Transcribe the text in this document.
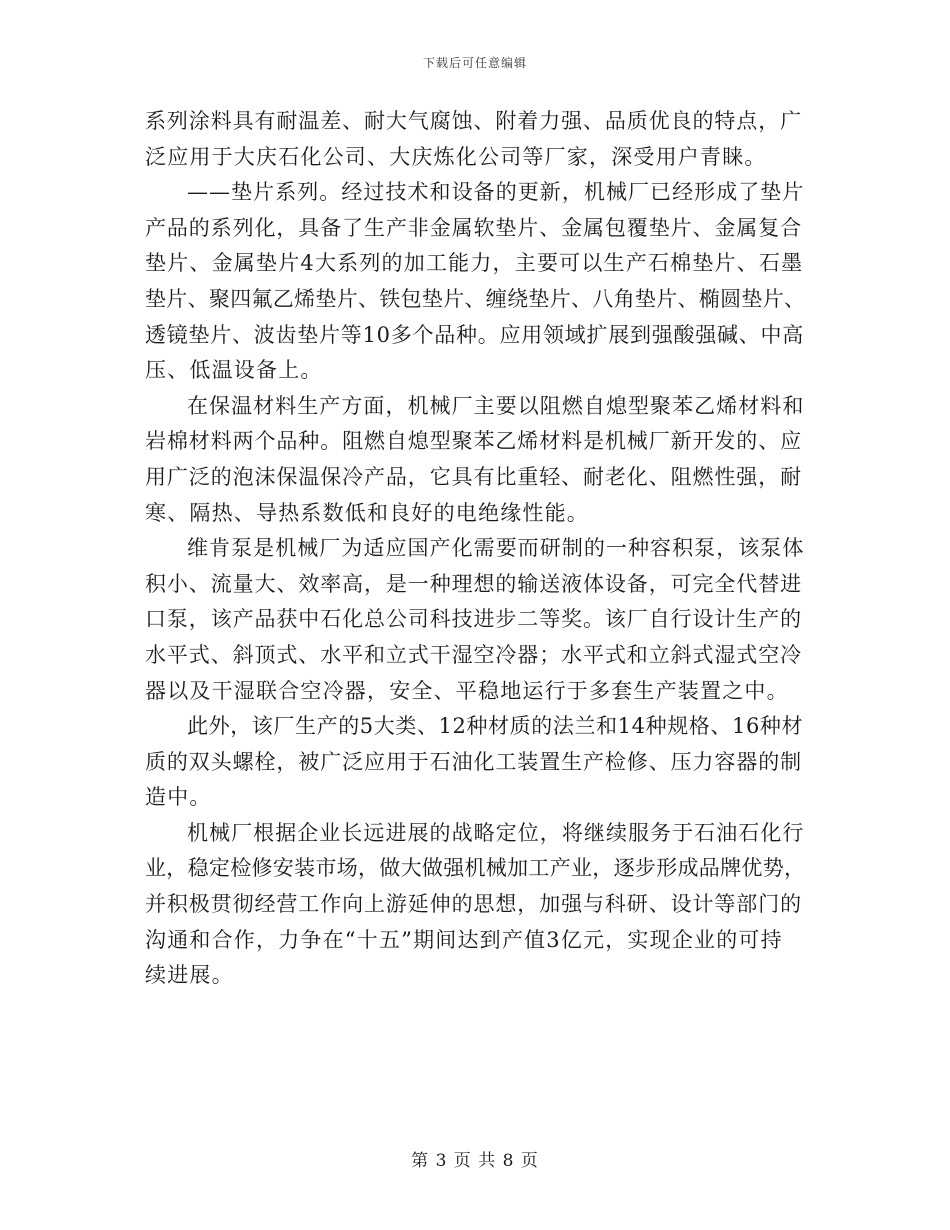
下载后可任意编辑

系列涂料具有耐温差、耐大气腐蚀、附着力强、品质优良的特点，广
泛应用于大庆石化公司、大庆炼化公司等厂家，深受用户青睐。

——垫片系列。经过技术和设备的更新，机械厂已经形成了垫片
产品的系列化，具备了生产非金属软垫片、金属包覆垫片、金属复合
垫片、金属垫片4大系列的加工能力，主要可以生产石棉垫片、石墨
垫片、聚四氟乙烯垫片、铁包垫片、缠绕垫片、八角垫片、椭圆垫片、
透镜垫片、波齿垫片等10多个品种。应用领域扩展到强酸强碱、中高
压、低温设备上。

在保温材料生产方面，机械厂主要以阻燃自熄型聚苯乙烯材料和
岩棉材料两个品种。阻燃自熄型聚苯乙烯材料是机械厂新开发的、应
用广泛的泡沫保温保冷产品，它具有比重轻、耐老化、阻燃性强，耐
寒、隔热、导热系数低和良好的电绝缘性能。

维肯泵是机械厂为适应国产化需要而研制的一种容积泵，该泵体
积小、流量大、效率高，是一种理想的输送液体设备，可完全代替进
口泵，该产品获中石化总公司科技进步二等奖。该厂自行设计生产的
水平式、斜顶式、水平和立式干湿空冷器；水平式和立斜式湿式空冷
器以及干湿联合空冷器，安全、平稳地运行于多套生产装置之中。

此外，该厂生产的5大类、12种材质的法兰和14种规格、16种材
质的双头螺栓，被广泛应用于石油化工装置生产检修、压力容器的制
造中。

机械厂根据企业长远进展的战略定位，将继续服务于石油石化行
业，稳定检修安装市场，做大做强机械加工产业，逐步形成品牌优势，
并积极贯彻经营工作向上游延伸的思想，加强与科研、设计等部门的
沟通和合作，力争在“十五”期间达到产值3亿元，实现企业的可持
续进展。

第 3 页 共 8 页
